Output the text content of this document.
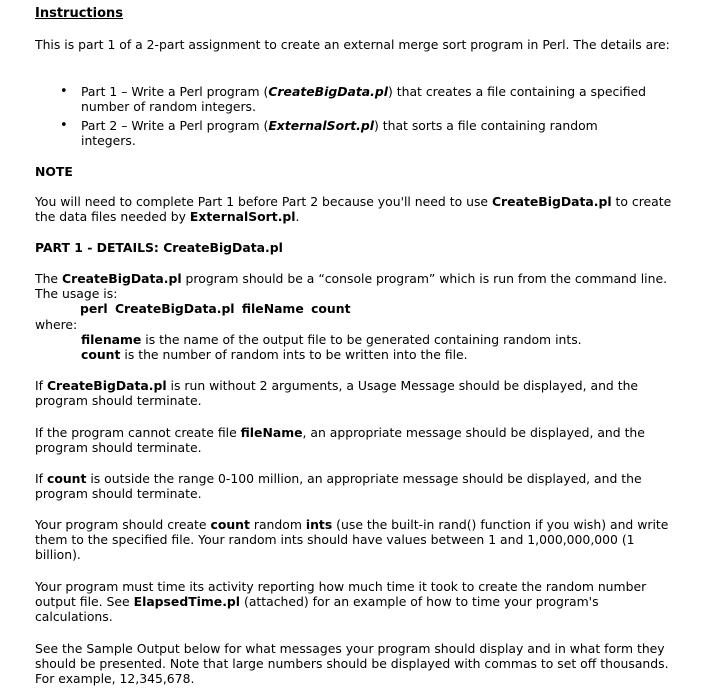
Instructions

This is part 1 of a 2-part assignment to create an external merge sort program in Perl. The details are:

• Part 1 – Write a Perl program (CreateBigData.pl) that creates a file containing a specified number of random integers.
• Part 2 – Write a Perl program (ExternalSort.pl) that sorts a file containing random integers.

NOTE

You will need to complete Part 1 before Part 2 because you'll need to use CreateBigData.pl to create the data files needed by ExternalSort.pl.

PART 1 - DETAILS: CreateBigData.pl

The CreateBigData.pl program should be a “console program” which is run from the command line. The usage is:

perl CreateBigData.pl fileName count

where:

filename is the name of the output file to be generated containing random ints.

count is the number of random ints to be written into the file.

If CreateBigData.pl is run without 2 arguments, a Usage Message should be displayed, and the program should terminate.

If the program cannot create file fileName, an appropriate message should be displayed, and the program should terminate.

If count is outside the range 0-100 million, an appropriate message should be displayed, and the program should terminate.

Your program should create count random ints (use the built-in rand() function if you wish) and write them to the specified file. Your random ints should have values between 1 and 1,000,000,000 (1 billion).

Your program must time its activity reporting how much time it took to create the random number output file. See ElapsedTime.pl (attached) for an example of how to time your program's calculations.

See the Sample Output below for what messages your program should display and in what form they should be presented. Note that large numbers should be displayed with commas to set off thousands. For example, 12,345,678.
